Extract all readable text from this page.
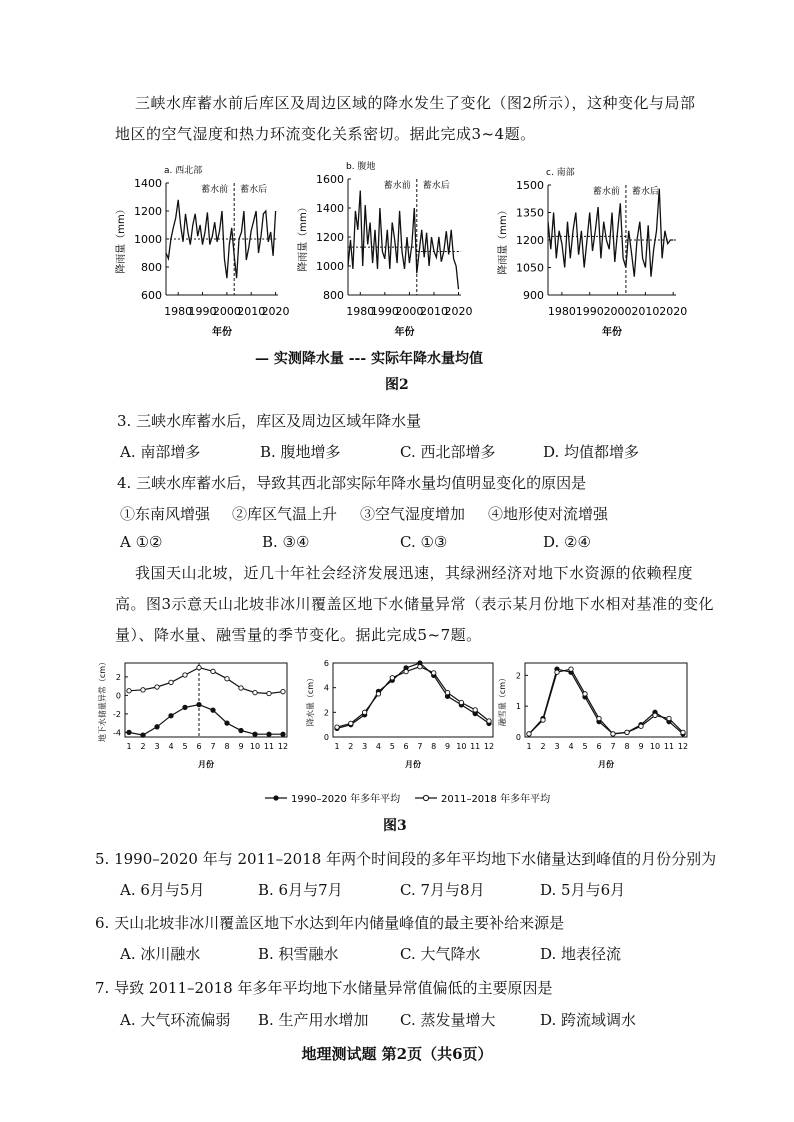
三峡水库蓄水前后库区及周边区域的降水发生了变化（图2所示），这种变化与局部
地区的空气湿度和热力环流变化关系密切。据此完成3~4题。
a. 西北部
600
800
1000
1200
1400
1980
1990
2000
2010
2020
年份
降雨量（mm）
蓄水前 蓄水后
b. 腹地
800
1000
1200
1400
1600
1980
1990
2000
2010
2020
年份
降雨量（mm）
蓄水前 蓄水后
c. 南部
900
1050
1200
1350
1500
1980 1990 2000 2010 2020
年份
降雨量（mm）
蓄水前 蓄水后
— 实测降水量 --- 实际年降水量均值
图2
3. 三峡水库蓄水后，库区及周边区域年降水量
A. 南部增多	B. 腹地增多	C. 西北部增多	D. 均值都增多
4. 三峡水库蓄水后，导致其西北部实际年降水量均值明显变化的原因是
①东南风增强 ②库区气温上升 ③空气湿度增加 ④地形使对流增强
A ①②	B. ③④	C. ①③	D. ②④
我国天山北坡，近几十年社会经济发展迅速，其绿洲经济对地下水资源的依赖程度
高。图3示意天山北坡非冰川覆盖区地下水储量异常（表示某月份地下水相对基准的变化
量）、降水量、融雪量的季节变化。据此完成5~7题。
-4
-2
0
2
1 2 3 4 5 6 7 8 9 10 11 12
月份
地下水储量异常（cm）	0
2
4
6
1 2 3 4 5 6 7 8 9 10 11 12
月份
降水量（cm）
0
1
2
1 2 3 4 5 6 7 8 9 10 11 12
月份
融雪量（cm）
1990–2020 年多年平均	2011–2018 年多年平均
图3
5. 1990–2020 年与 2011–2018 年两个时间段的多年平均地下水储量达到峰值的月份分别为
A. 6月与5月	B. 6月与7月	C. 7月与8月	D. 5月与6月
6. 天山北坡非冰川覆盖区地下水达到年内储量峰值的最主要补给来源是
A. 冰川融水	B. 积雪融水	C. 大气降水	D. 地表径流
7. 导致 2011–2018 年多年平均地下水储量异常值偏低的主要原因是
A. 大气环流偏弱 B. 生产用水增加 C. 蒸发量增大	D. 跨流域调水
地理测试题 第2页（共6页）
